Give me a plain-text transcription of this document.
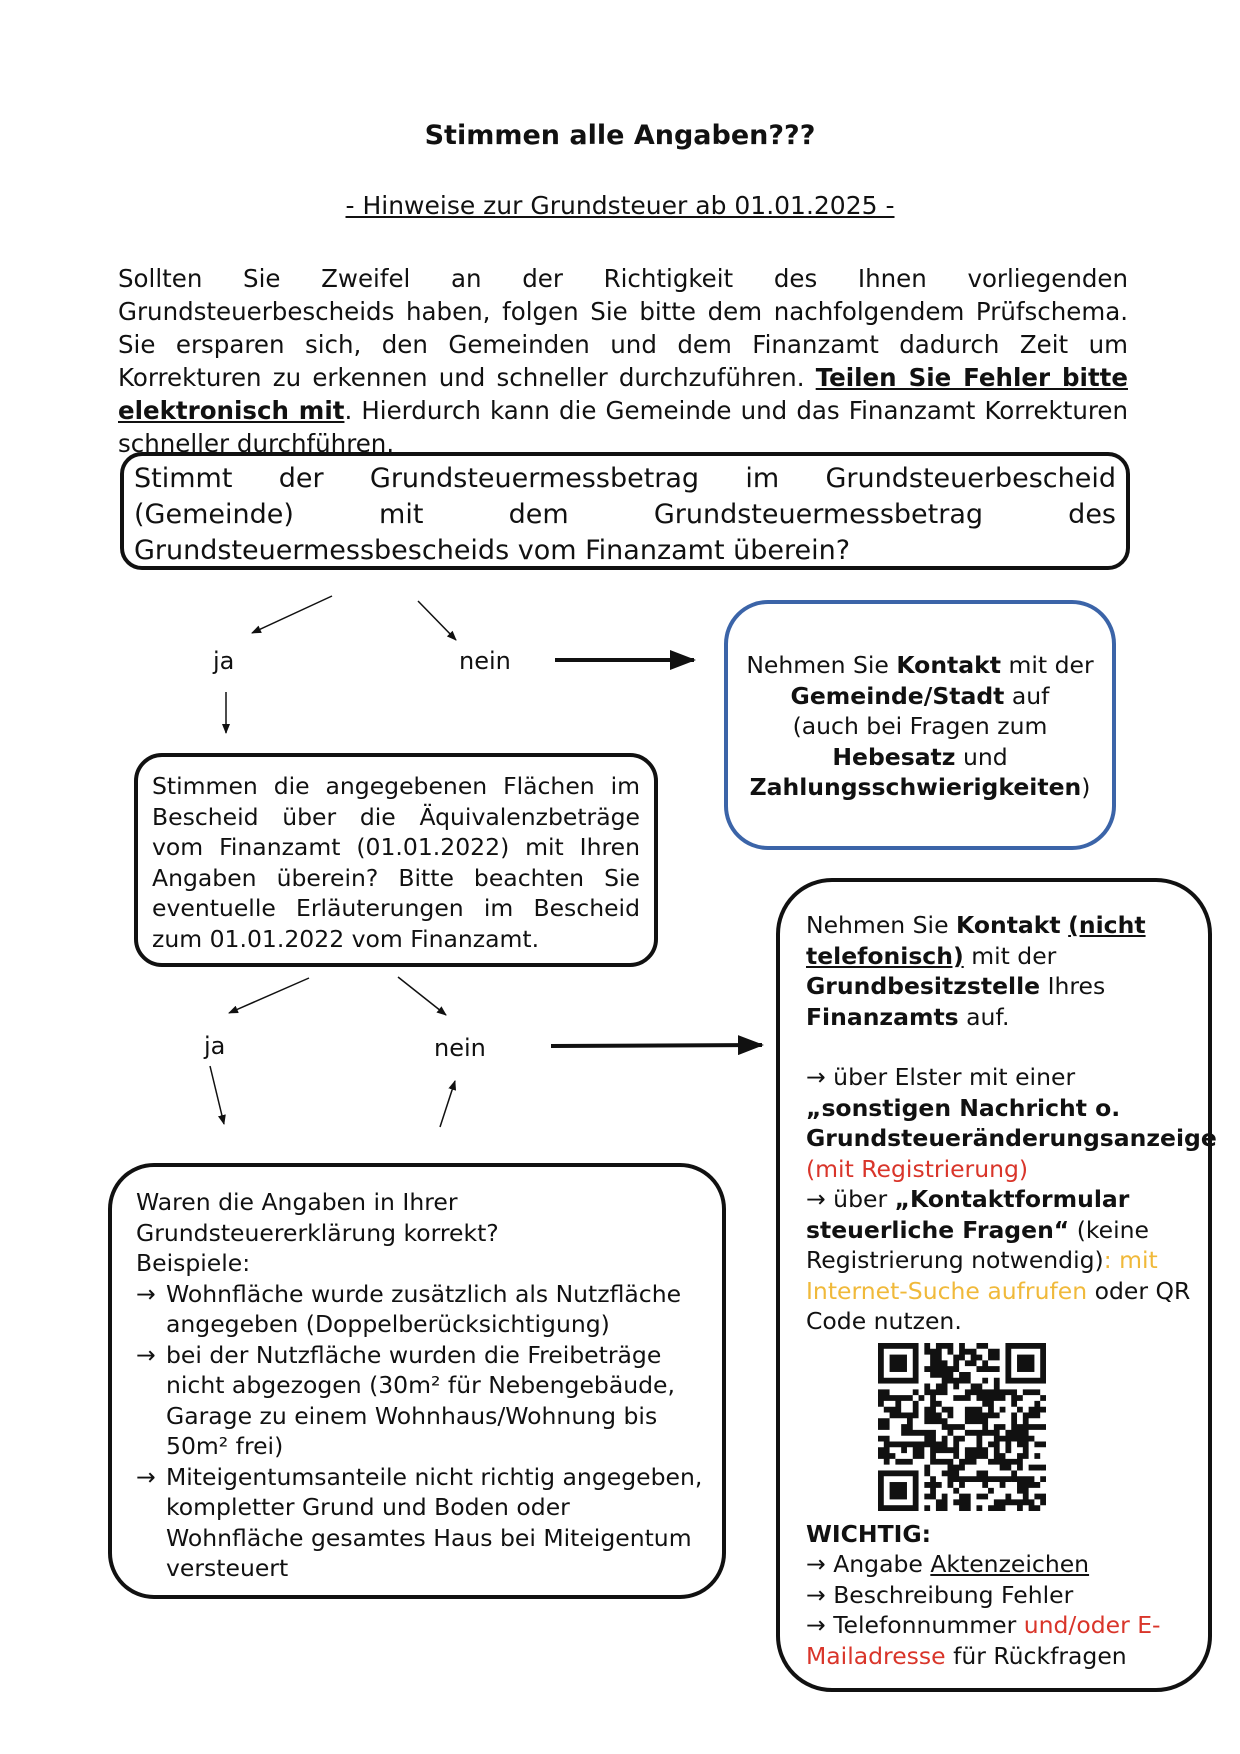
Stimmen alle Angaben???
- Hinweise zur Grundsteuer ab 01.01.2025 -
Sollten Sie Zweifel an der Richtigkeit des Ihnen vorliegenden Grundsteuerbescheids haben, folgen Sie bitte dem nachfolgendem Prüfschema. Sie ersparen sich, den Gemeinden und dem Finanzamt dadurch Zeit um Korrekturen zu erkennen und schneller durchzuführen. Teilen Sie Fehler bitte elektronisch mit. Hierdurch kann die Gemeinde und das Finanzamt Korrekturen schneller durchführen.
Stimmt der Grundsteuermessbetrag im Grundsteuerbescheid (Gemeinde) mit dem Grundsteuermessbetrag des Grundsteuermessbescheids vom Finanzamt überein?
ja	nein
ja	nein
Nehmen Sie Kontakt mit der
Gemeinde/Stadt auf
(auch bei Fragen zum
Hebesatz und
Zahlungsschwierigkeiten)
Stimmen die angegebenen Flächen im Bescheid über die Äquivalenzbeträge vom Finanzamt (01.01.2022) mit Ihren Angaben überein? Bitte beachten Sie eventuelle Erläuterungen im Bescheid zum 01.01.2022 vom Finanzamt.	Nehmen Sie Kontakt (nicht telefonisch) mit der Grundbesitzstelle Ihres Finanzamts auf.
→ über Elster mit einer
„sonstigen Nachricht o. Grundsteueränderungsanzeige
(mit Registrierung)
→ über „Kontaktformular steuerliche Fragen“ (keine Registrierung notwendig): mit Internet-Suche aufrufen oder QR Code nutzen.
WICHTIG:
→ Angabe Aktenzeichen
→ Beschreibung Fehler
→ Telefonnummer und/oder E-Mailadresse für Rückfragen
Waren die Angaben in Ihrer Grundsteuererklärung korrekt?
Beispiele:
→ Wohnfläche wurde zusätzlich als Nutzfläche angegeben (Doppelberücksichtigung)
→ bei der Nutzfläche wurden die Freibeträge nicht abgezogen (30m² für Nebengebäude, Garage zu einem Wohnhaus/Wohnung bis 50m² frei)
→ Miteigentumsanteile nicht richtig angegeben, kompletter Grund und Boden oder Wohnfläche gesamtes Haus bei Miteigentum versteuert
